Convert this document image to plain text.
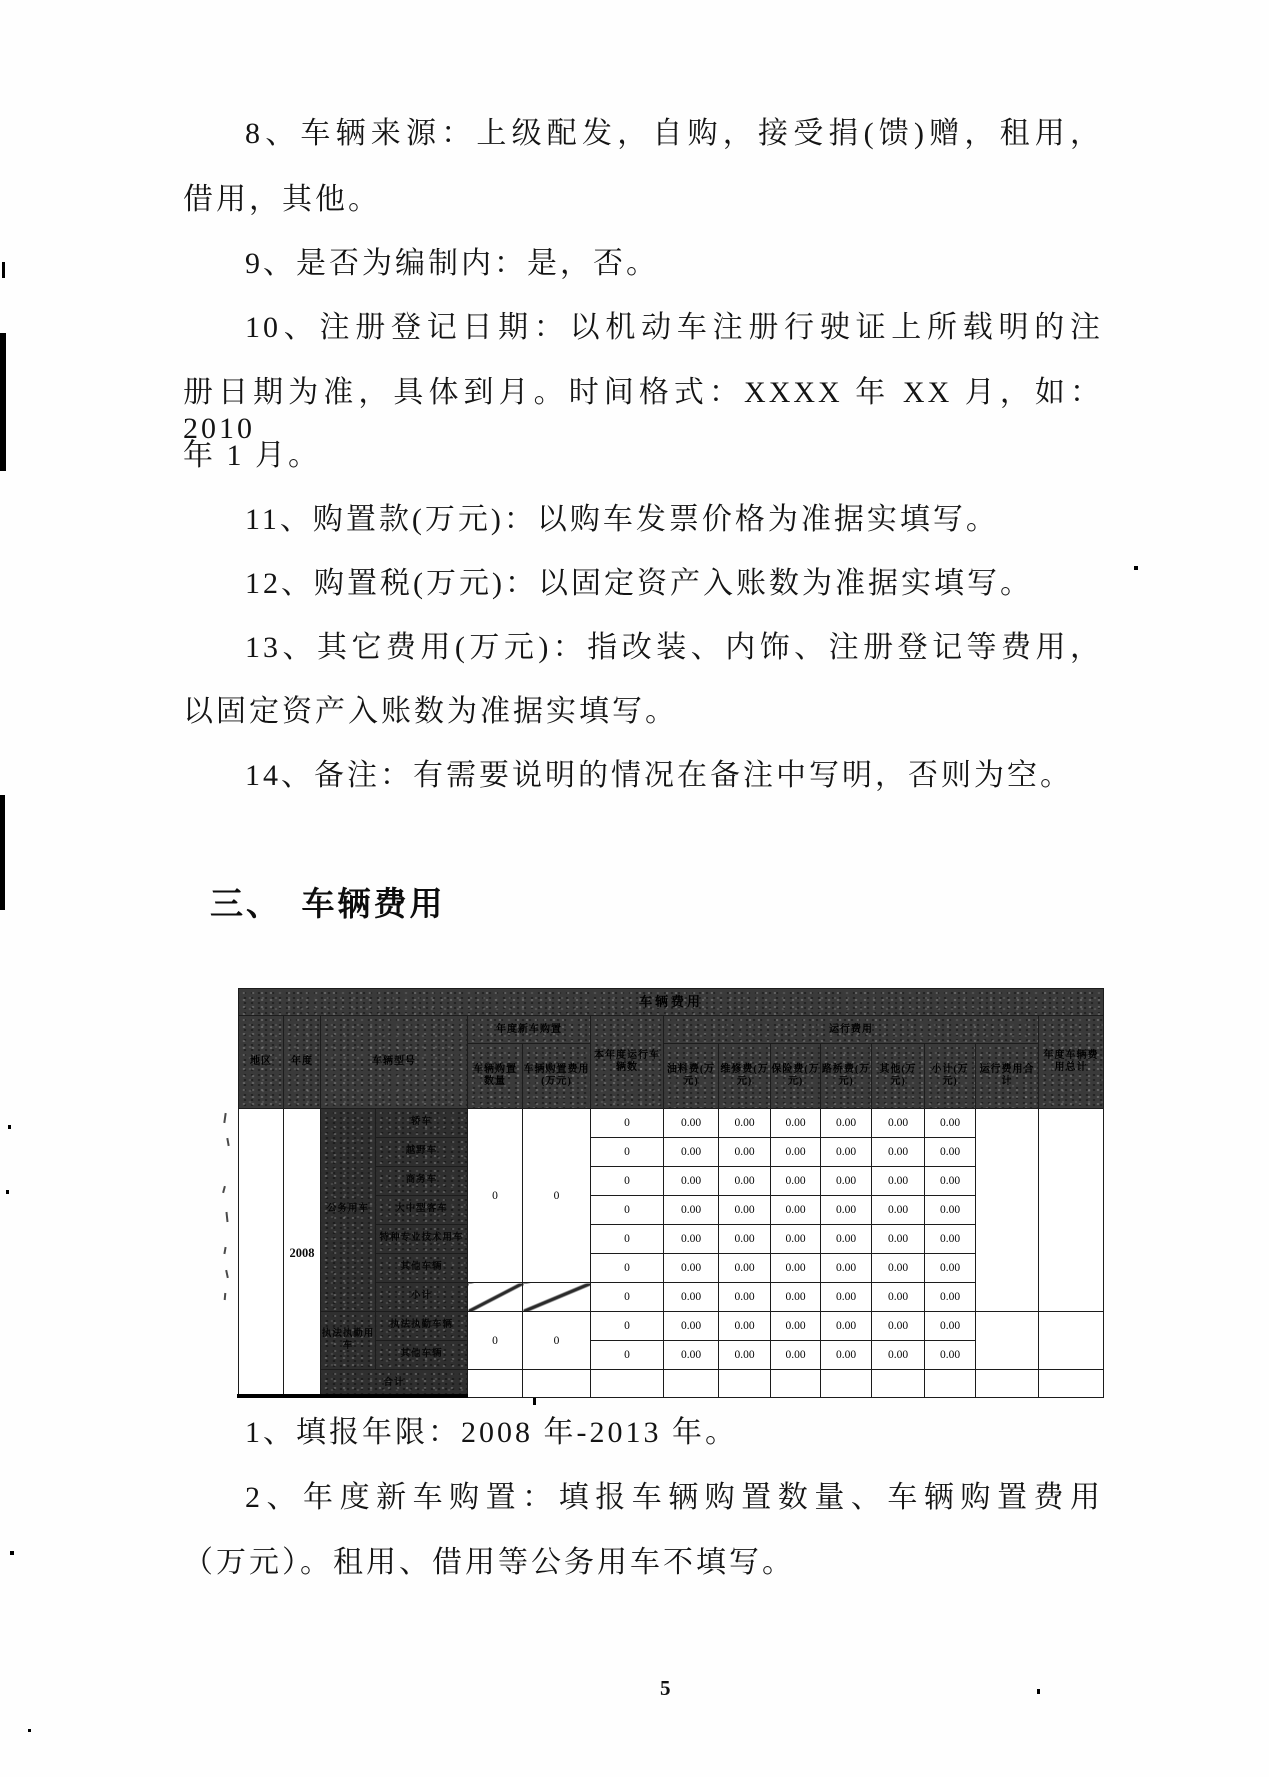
8、车辆来源：上级配发，自购，接受捐(馈)赠，租用，
借用，其他。
9、是否为编制内：是，否。
10、注册登记日期：以机动车注册行驶证上所载明的注
册日期为准，具体到月。时间格式：XXXX 年 XX 月，如：2010
年 1 月。
11、购置款(万元)：以购车发票价格为准据实填写。
12、购置税(万元)：以固定资产入账数为准据实填写。
13、其它费用(万元)：指改装、内饰、注册登记等费用，
以固定资产入账数为准据实填写。
14、备注：有需要说明的情况在备注中写明，否则为空。
三、　车辆费用
车辆费用														
地区	年度	车辆型号		年度新车购置		本年度运行车辆数	运行费用							年度车辆费用总计
				车辆购置数量	车辆购置费用(万元)		油料费(万元)	维修费(万元)	保险费(万元)	路桥费(万元)	其他(万元)	小计(万元)	运行费用合计	
	2008	公务用车	轿车	0	0	0	0.00	0.00	0.00	0.00	0.00	0.00		
			越野车			0	0.00	0.00	0.00	0.00	0.00	0.00		
			商务车			0	0.00	0.00	0.00	0.00	0.00	0.00		
			大中型客车			0	0.00	0.00	0.00	0.00	0.00	0.00		
			特种专业技术用车			0	0.00	0.00	0.00	0.00	0.00	0.00		
			其他车辆			0	0.00	0.00	0.00	0.00	0.00	0.00		
			小计			0	0.00	0.00	0.00	0.00	0.00	0.00		
		执法执勤用车	执法执勤车辆	0	0	0	0.00	0.00	0.00	0.00	0.00	0.00		
			其他车辆			0	0.00	0.00	0.00	0.00	0.00	0.00		
		合计												
1、填报年限：2008 年-2013 年。
2、年度新车购置：填报车辆购置数量、车辆购置费用
（万元）。租用、借用等公务用车不填写。
5
